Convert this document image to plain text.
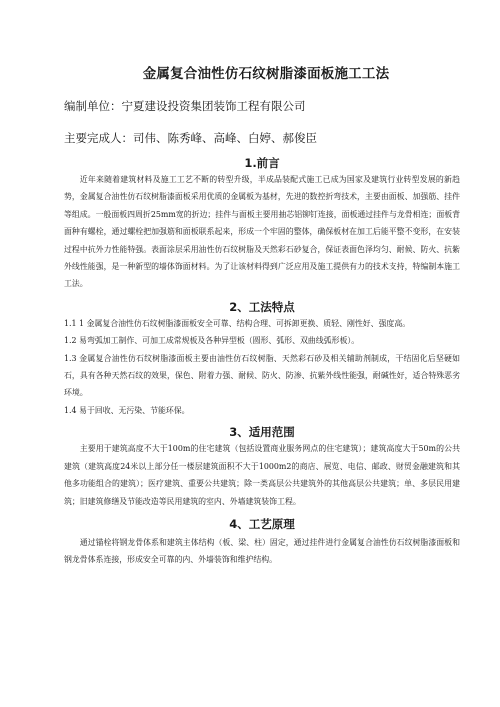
金属复合油性仿石纹树脂漆面板施工工法

编制单位：宁夏建设投资集团装饰工程有限公司

主要完成人：司伟、陈秀峰、高峰、白婷、郝俊臣

1.前言

近年来随着建筑材料及施工工艺不断的转型升级，半成品装配式施工已成为国家及建筑行业转型发展的新趋势，金属复合油性仿石纹树脂漆面板采用优质的金属板为基材，先进的数控折弯技术，主要由面板、加强筋、挂件等组成。一般面板四周折25mm宽的折边；挂件与面板主要用抽芯铝铆钉连接，面板通过挂件与龙骨相连；面板背面种有螺栓，通过螺栓把加强筋和面板联系起来，形成一个牢固的整体，确保板材在加工后能平整不变形，在安装过程中抗外力性能特强。表面涂层采用油性仿石纹树脂及天然彩石砂复合，保证表面色泽均匀、耐候、防火、抗紫外线性能强，是一种新型的墙体饰面材料。为了让该材料得到广泛应用及施工提供有力的技术支持，特编制本施工工法。

2、工法特点

1.1 1 金属复合油性仿石纹树脂漆面板安全可靠、结构合理、可拆卸更换、质轻、刚性好、强度高。

1.2 易弯弧加工制作、可加工成常规板及各种异型板（圆形、弧形、双曲线弧形板）。

1.3 金属复合油性仿石纹树脂漆面板主要由油性仿石纹树脂、天然彩石砂及相关辅助剂制成，干结固化后坚硬如石，具有各种天然石纹的效果，保色、附着力强、耐候、防火、防渗、抗紫外线性能强，耐碱性好，适合特殊恶劣环境。

1.4 易于回收、无污染、节能环保。

3、适用范围

主要用于建筑高度不大于100m的住宅建筑（包括设置商业服务网点的住宅建筑）；建筑高度大于50m的公共建筑（建筑高度24米以上部分任一楼层建筑面积不大于1000m2的商店、展览、电信、邮政、财贸金融建筑和其他多功能组合的建筑）；医疗建筑、重要公共建筑；除一类高层公共建筑外的其他高层公共建筑；单、多层民用建筑；旧建筑修缮及节能改造等民用建筑的室内、外墙建筑装饰工程。

4、工艺原理

通过锚栓将钢龙骨体系和建筑主体结构（板、梁、柱）固定，通过挂件进行金属复合油性仿石纹树脂漆面板和钢龙骨体系连接，形成安全可靠的内、外墙装饰和维护结构。
